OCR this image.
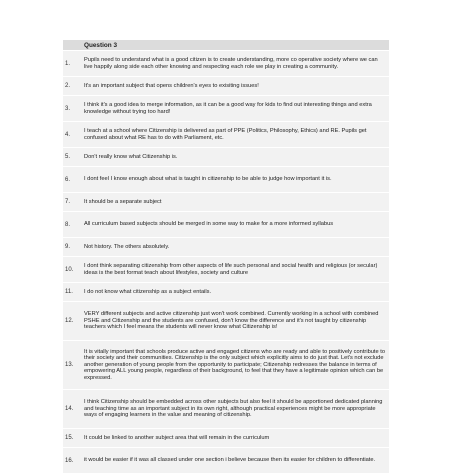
	Question 3
1.	Pupils need to understand what is a good citizen is to create understanding, more co operative society where we can live happily along side each other knowing and respecting each role we play in creating a community.
2.	It's an important subject that opens children's eyes to exisiting issues!
3.	I think it's a good idea to merge information, as it can be a good way for kids to find out interesting things and extra knowledge without trying too hard!
4.	I teach at a school where Citizenship is delivered as part of PPE (Politics, Philosophy, Ethics) and RE. Pupils get confused about what RE has to do with Parliament, etc.
5.	Don't really know what Citizenship is.
6.	I dont feel I know enough about what is taught in citizenship to be able to judge how important it is.
7.	It should be a separate subject
8.	All curriculum based subjects should be merged in some way to make for a more informed syllabus
9.	Not history. The others absolutely.
10.	I dont think separating citizenship from other aspects of life such personal and social health and religious (or secular) ideas is the best format teach about lifestyles, society and culture
11.	I do not know what citizenship as a subject entails.
12.	VERY different subjects and active citizenship just won't work combined. Currently working in a school with combined PSHE and Citizenship and the students are confused, don't know the difference and it's not taught by citizenship teachers which I feel means the students will never know what Citizenship is!
13.	It is vitally important that schools produce active and engaged citizens who are ready and able to positively contribute to their society and their communities. Citizenship is the only subject which explicitly aims to do just that. Let's not exclude another generation of young people from the opportunity to participate; Citizenship redresses the balance in terms of empowering ALL young people, regardless of their background, to feel that they have a legitimate opinion which can be expressed.
14.	I think Citizenship should be embedded across other subjects but also feel it should be apportioned dedicated planning and teaching time as an important subject in its own right, although practical experiences might be more appropriate ways of engaging learners in the value and meaning of citizenship.
15.	It could be linked to another subject area that will remain in the curriculum
16.	it would be easier if it was all classed under one section i believe because then its easier for children to differentiate.
